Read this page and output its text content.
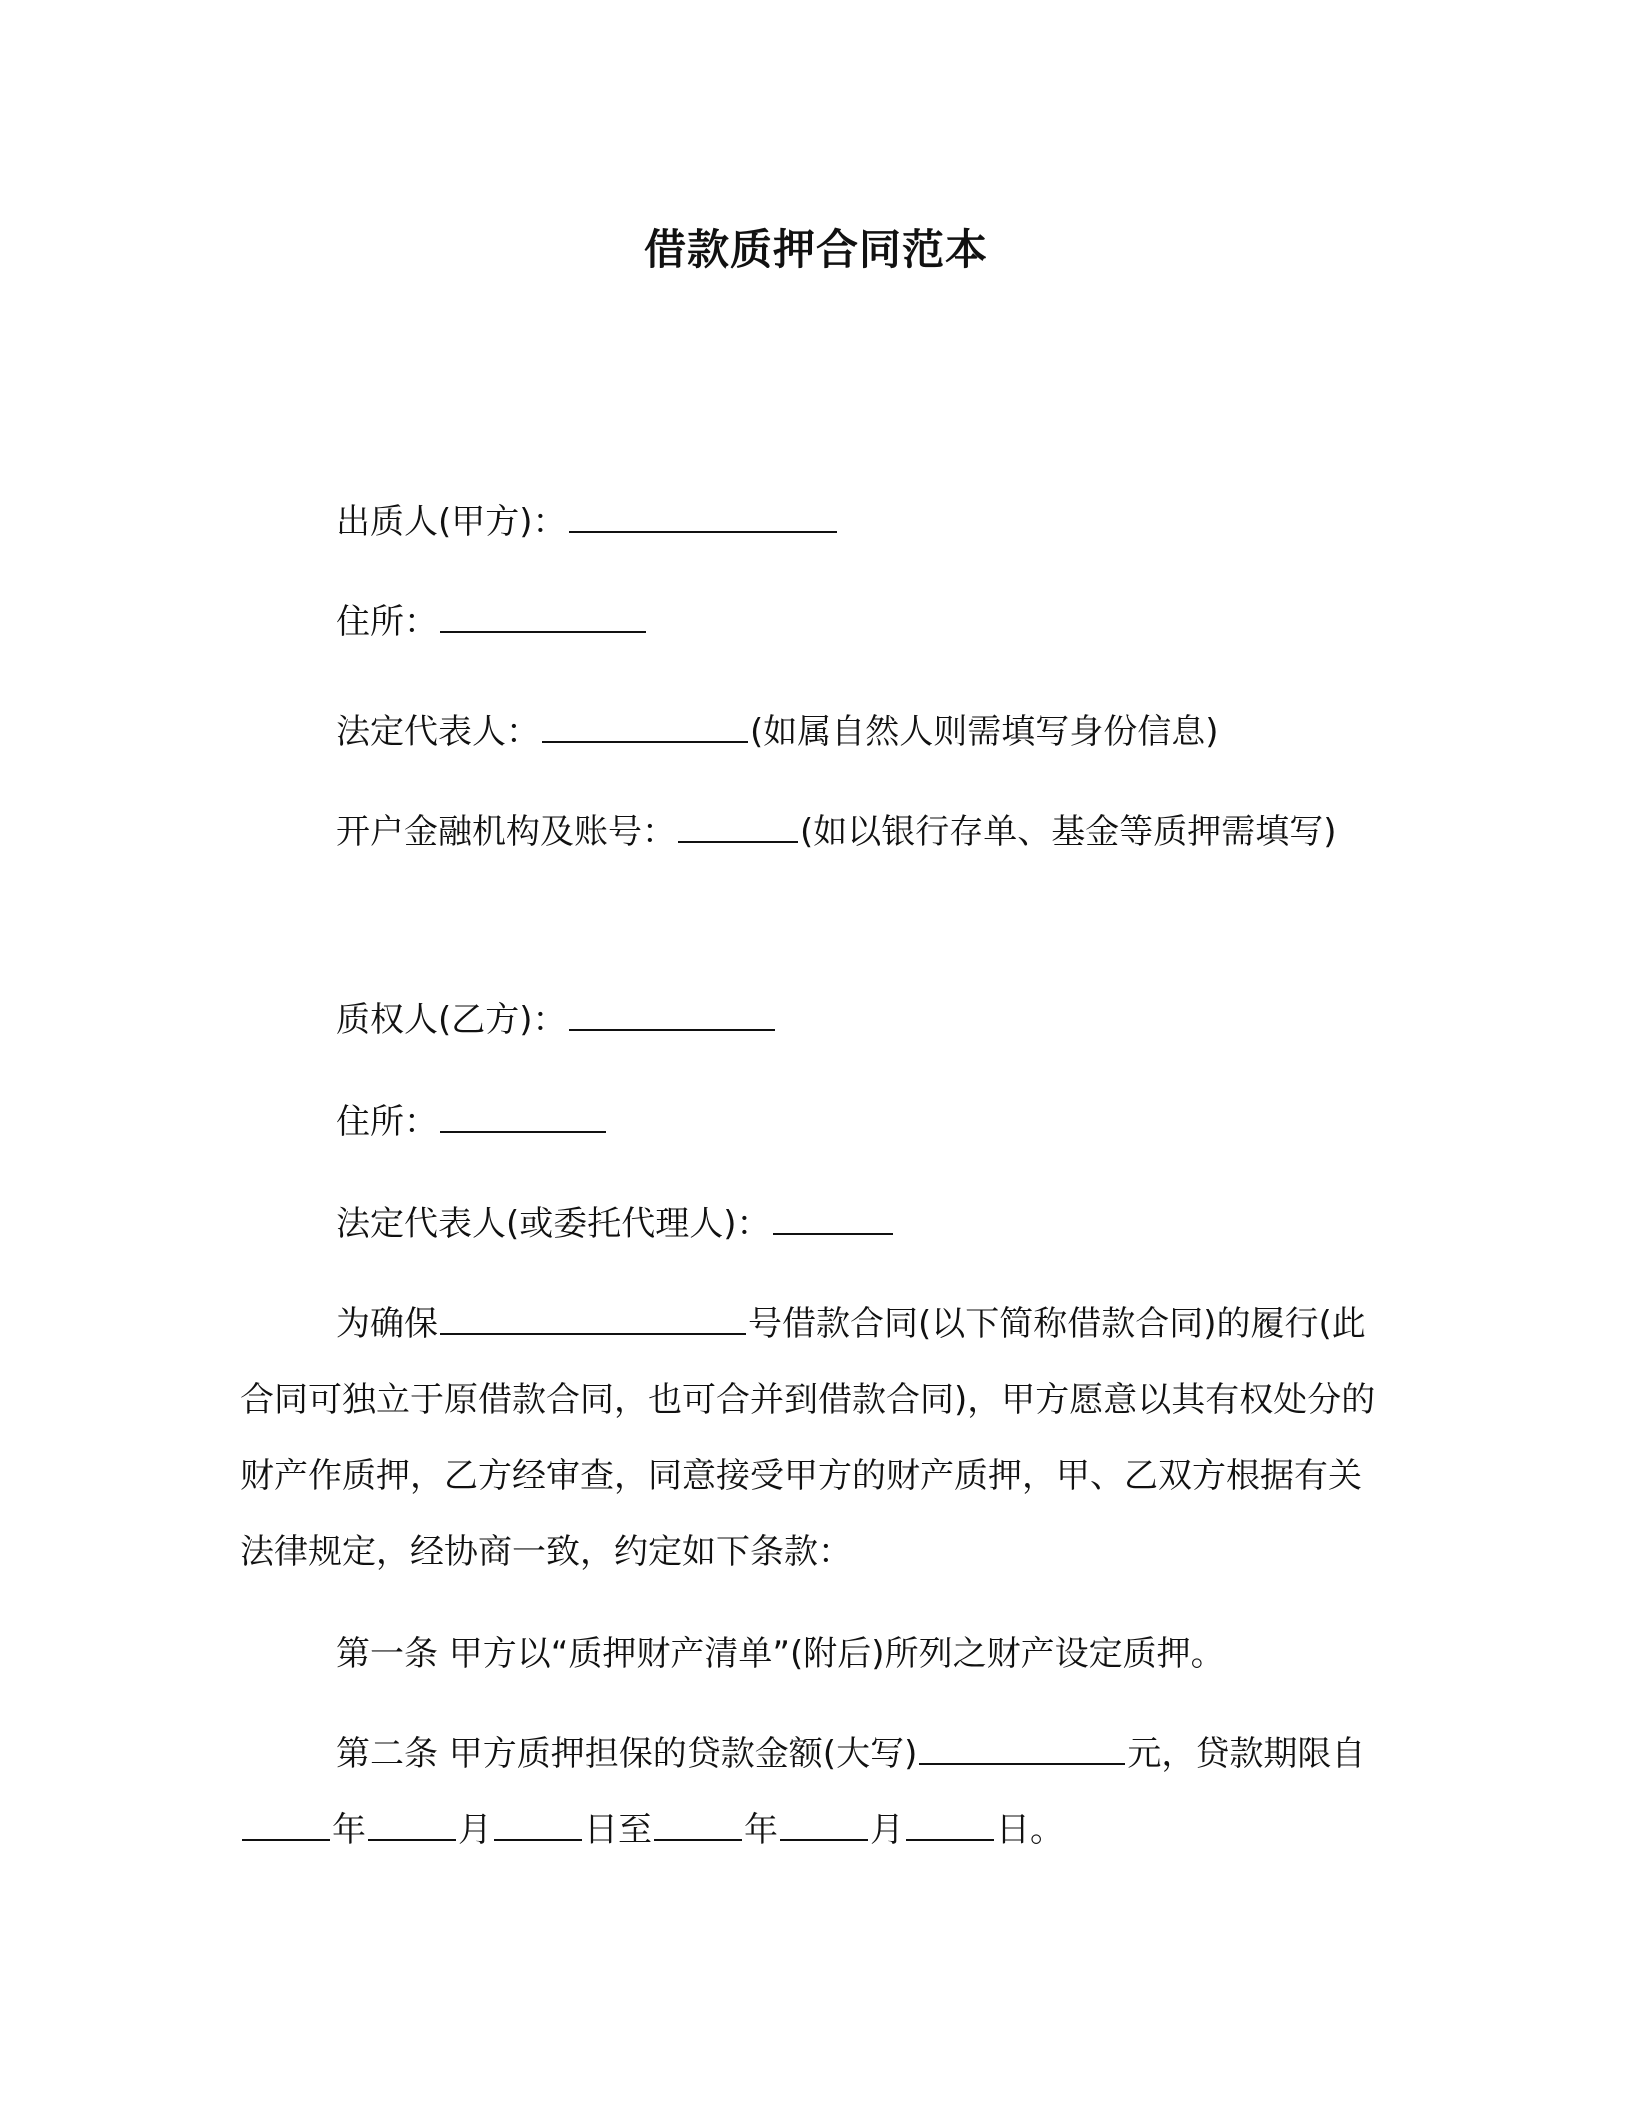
借款质押合同范本
出质人(甲方)：
住所：
法定代表人：	(如属自然人则需填写身份信息)
开户金融机构及账号：	(如以银行存单、基金等质押需填写)
质权人(乙方)：
住所：
法定代表人(或委托代理人)：
为确保	号借款合同(以下简称借款合同)的履行(此合同可独立于原借款合同，也可合并到借款合同)，甲方愿意以其有权处分的财产作质押，乙方经审查，同意接受甲方的财产质押，甲、乙双方根据有关法律规定，经协商一致，约定如下条款：
第一条 甲方以“质押财产清单”(附后)所列之财产设定质押。
第二条 甲方质押担保的贷款金额(大写)	元，贷款期限自年	月	日至	年	月	日。
